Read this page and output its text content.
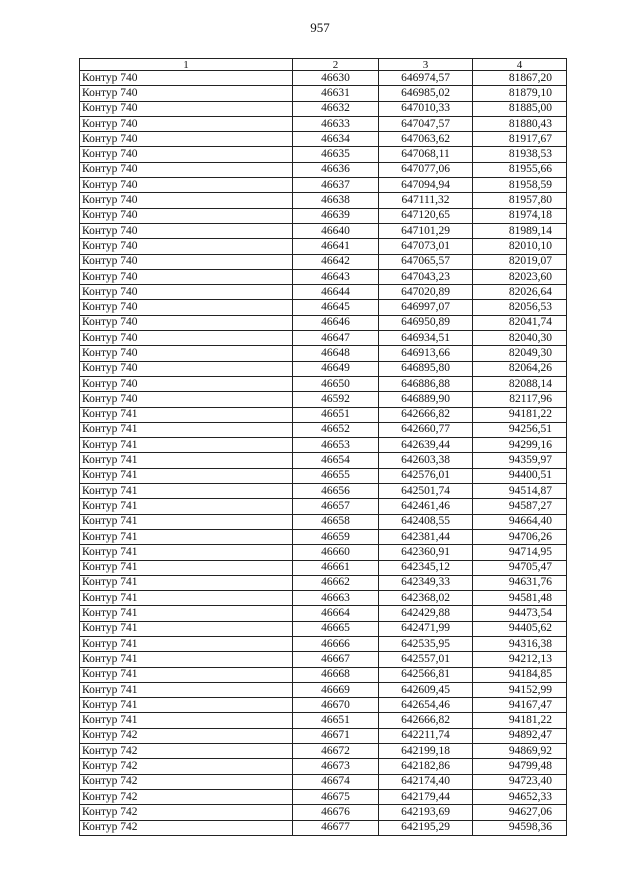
957
1	2	3	4
Контур 740	46630	646974,57	81867,20
Контур 740	46631	646985,02	81879,10
Контур 740	46632	647010,33	81885,00
Контур 740	46633	647047,57	81880,43
Контур 740	46634	647063,62	81917,67
Контур 740	46635	647068,11	81938,53
Контур 740	46636	647077,06	81955,66
Контур 740	46637	647094,94	81958,59
Контур 740	46638	647111,32	81957,80
Контур 740	46639	647120,65	81974,18
Контур 740	46640	647101,29	81989,14
Контур 740	46641	647073,01	82010,10
Контур 740	46642	647065,57	82019,07
Контур 740	46643	647043,23	82023,60
Контур 740	46644	647020,89	82026,64
Контур 740	46645	646997,07	82056,53
Контур 740	46646	646950,89	82041,74
Контур 740	46647	646934,51	82040,30
Контур 740	46648	646913,66	82049,30
Контур 740	46649	646895,80	82064,26
Контур 740	46650	646886,88	82088,14
Контур 740	46592	646889,90	82117,96
Контур 741	46651	642666,82	94181,22
Контур 741	46652	642660,77	94256,51
Контур 741	46653	642639,44	94299,16
Контур 741	46654	642603,38	94359,97
Контур 741	46655	642576,01	94400,51
Контур 741	46656	642501,74	94514,87
Контур 741	46657	642461,46	94587,27
Контур 741	46658	642408,55	94664,40
Контур 741	46659	642381,44	94706,26
Контур 741	46660	642360,91	94714,95
Контур 741	46661	642345,12	94705,47
Контур 741	46662	642349,33	94631,76
Контур 741	46663	642368,02	94581,48
Контур 741	46664	642429,88	94473,54
Контур 741	46665	642471,99	94405,62
Контур 741	46666	642535,95	94316,38
Контур 741	46667	642557,01	94212,13
Контур 741	46668	642566,81	94184,85
Контур 741	46669	642609,45	94152,99
Контур 741	46670	642654,46	94167,47
Контур 741	46651	642666,82	94181,22
Контур 742	46671	642211,74	94892,47
Контур 742	46672	642199,18	94869,92
Контур 742	46673	642182,86	94799,48
Контур 742	46674	642174,40	94723,40
Контур 742	46675	642179,44	94652,33
Контур 742	46676	642193,69	94627,06
Контур 742	46677	642195,29	94598,36
